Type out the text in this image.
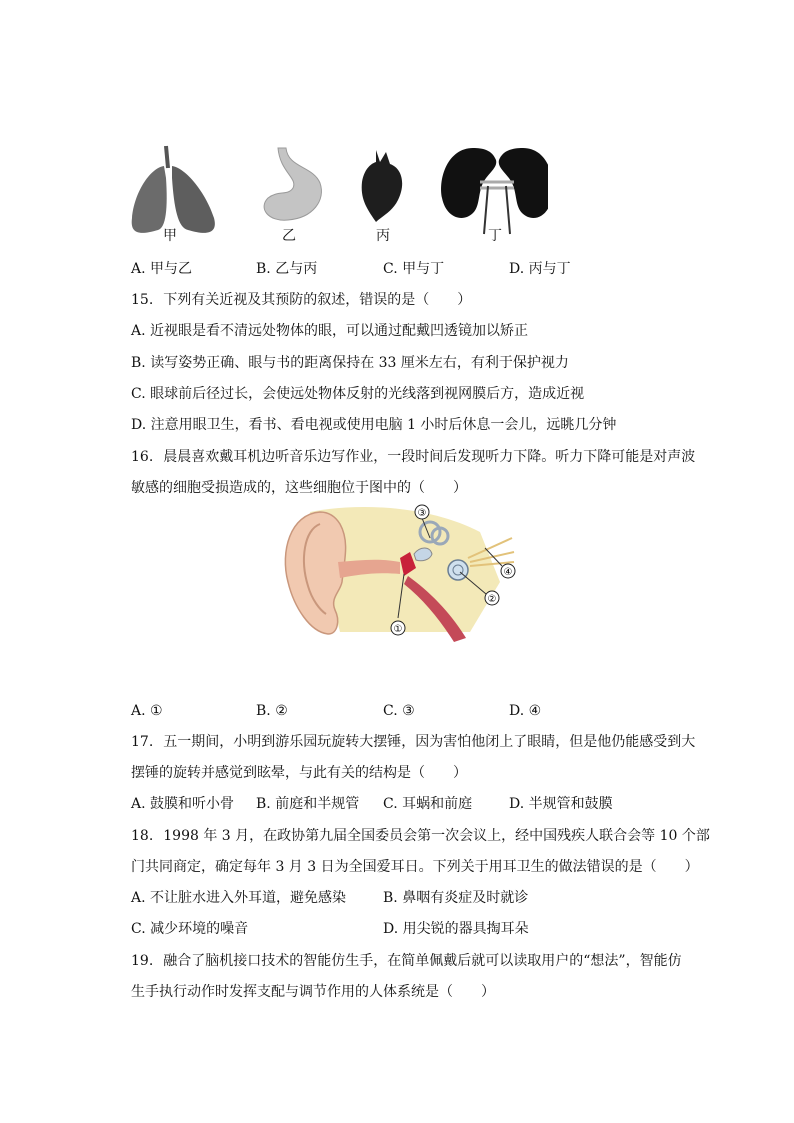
甲	乙	丙	丁
A. 甲与乙	B. 乙与丙	C. 甲与丁	D. 丙与丁
15. 下列有关近视及其预防的叙述，错误的是（　　）
A. 近视眼是看不清远处物体的眼，可以通过配戴凹透镜加以矫正
B. 读写姿势正确、眼与书的距离保持在 33 厘米左右，有利于保护视力
C. 眼球前后径过长，会使远处物体反射的光线落到视网膜后方，造成近视
D. 注意用眼卫生，看书、看电视或使用电脑 1 小时后休息一会儿，远眺几分钟
16. 晨晨喜欢戴耳机边听音乐边写作业，一段时间后发现听力下降。听力下降可能是对声波
敏感的细胞受损造成的，这些细胞位于图中的（　　）
①
②
③
④
A. ①	B. ②	C. ③	D. ④
17. 五一期间，小明到游乐园玩旋转大摆锤，因为害怕他闭上了眼睛，但是他仍能感受到大
摆锤的旋转并感觉到眩晕，与此有关的结构是（　　）
A. 鼓膜和听小骨 B. 前庭和半规管 C. 耳蜗和前庭	D. 半规管和鼓膜
18. 1998 年 3 月，在政协第九届全国委员会第一次会议上，经中国残疾人联合会等 10 个部
门共同商定，确定每年 3 月 3 日为全国爱耳日。下列关于用耳卫生的做法错误的是（　　）
A. 不让脏水进入外耳道，避免感染	B. 鼻咽有炎症及时就诊
C. 减少环境的噪音	D. 用尖锐的器具掏耳朵
19. 融合了脑机接口技术的智能仿生手，在简单佩戴后就可以读取用户的“想法”，智能仿
生手执行动作时发挥支配与调节作用的人体系统是（　　）
